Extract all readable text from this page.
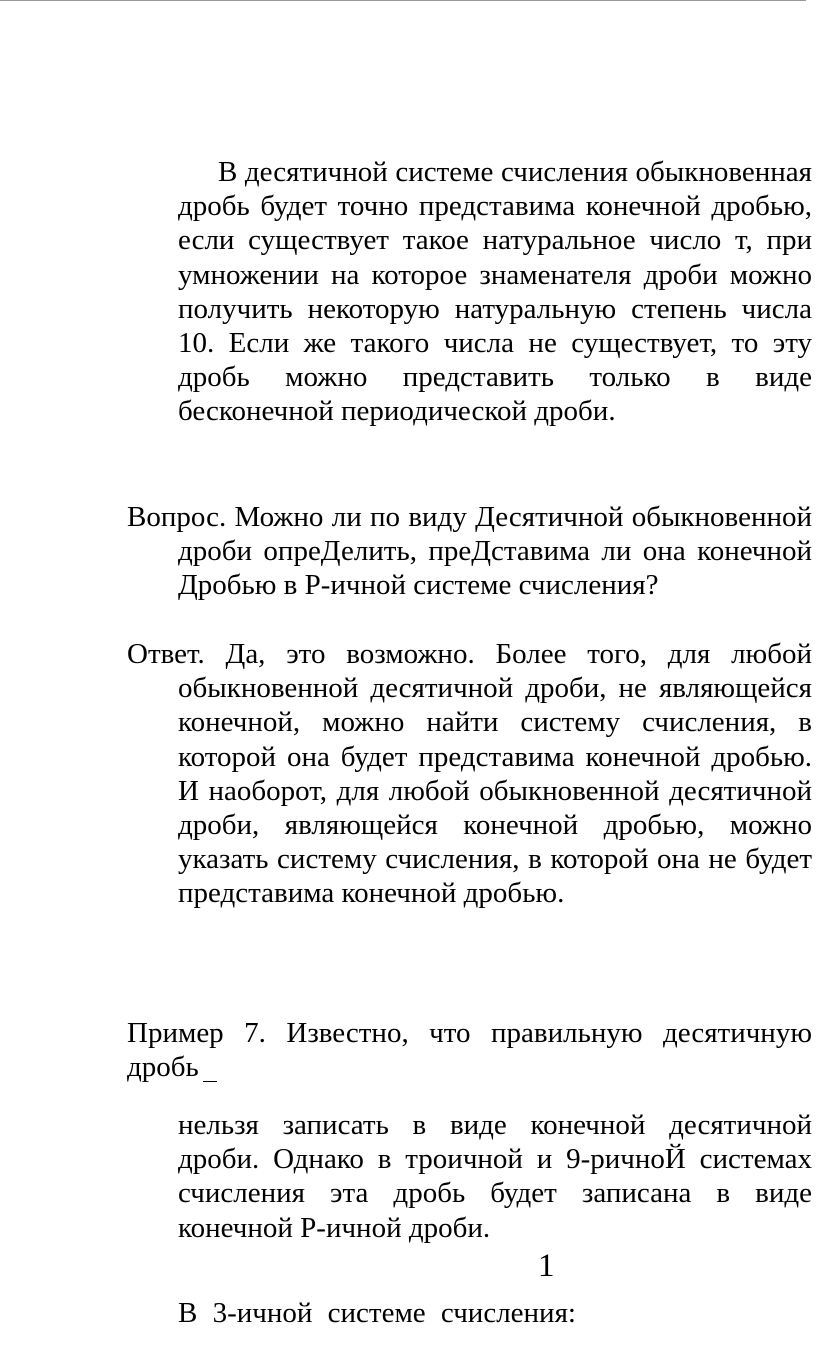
В десятичной системе счисления обыкновенная дробь будет точно представима конечной дробью, если существует такое натуральное число т, при умножении на которое знаменателя дроби можно получить некоторую натуральную степень числа 10. Если же такого числа не существует, то эту дробь можно представить только в виде бесконечной периодической дроби.

Вопрос. Можно ли по виду Десятичной обыкновенной дроби опреДелить, преДставима ли она конечной Дробью в Р-ичной системе счисления?

Ответ. Да, это возможно. Более того, для любой обыкновенной десятичной дроби, не являющейся конечной, можно найти систему счисления, в которой она будет представима конечной дробью. И наоборот, для любой обыкновенной десятичной дроби, являющейся конечной дробью, можно указать систему счисления, в которой она не будет представима конечной дробью.

Пример 7. Известно, что правильную десятичную дробь

нельзя записать в виде конечной десятичной дроби. Однако в троичной и 9-ричноЙ системах счисления эта дробь будет записана в виде конечной Р-ичной дроби.

1
В 3-ичной системе счисления:
